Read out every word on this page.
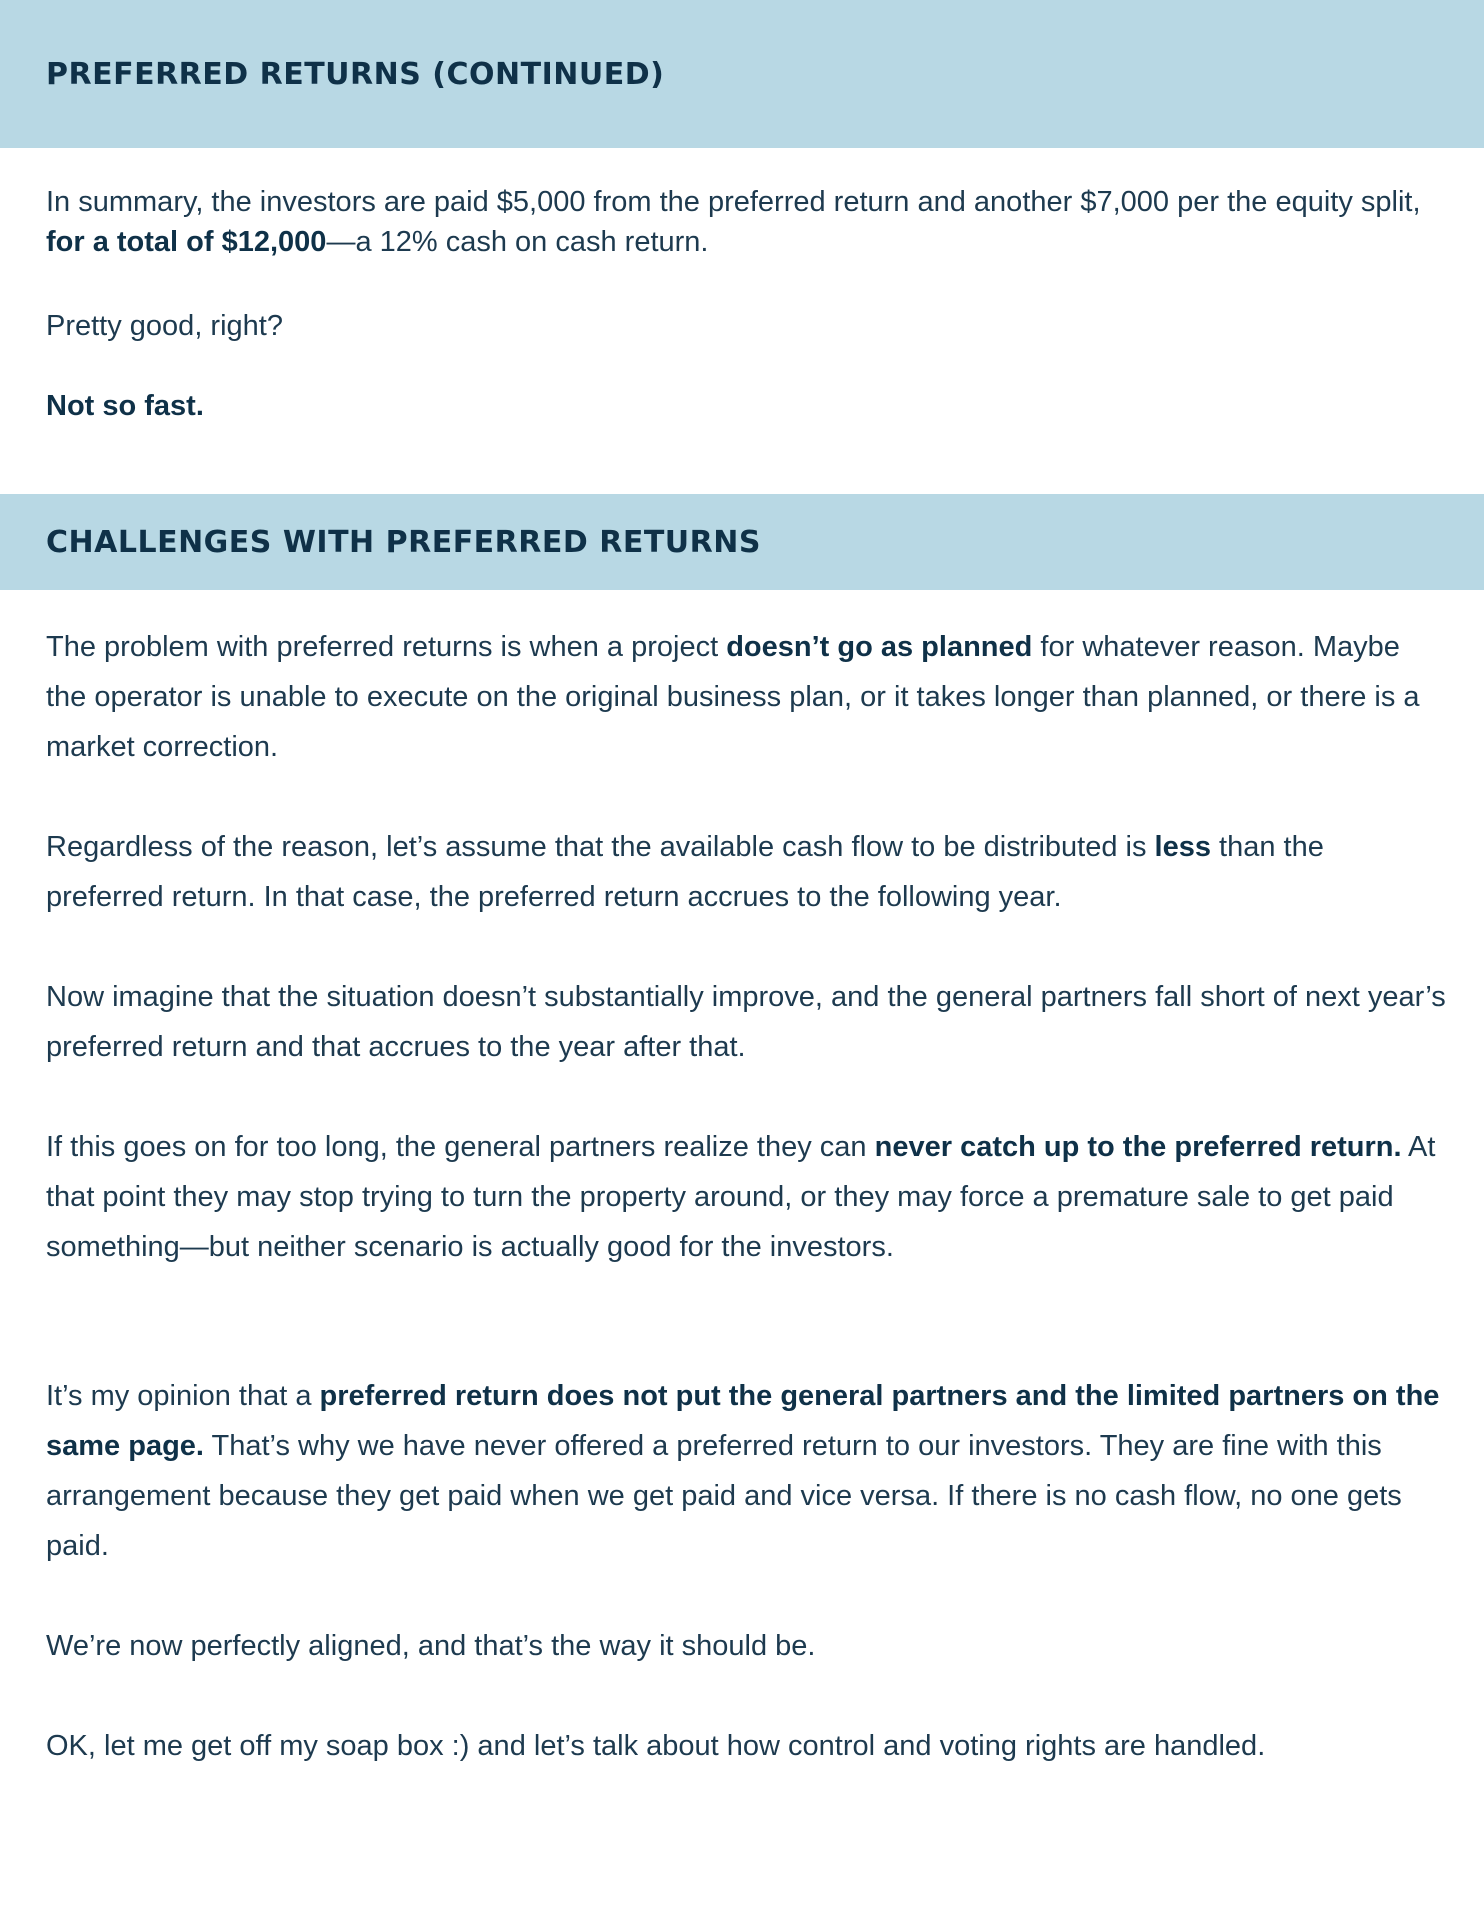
PREFERRED RETURNS (CONTINUED)

In summary, the investors are paid $5,000 from the preferred return and another $7,000 per the equity split, for a total of $12,000—a 12% cash on cash return.

Pretty good, right?

Not so fast.

CHALLENGES WITH PREFERRED RETURNS

The problem with preferred returns is when a project doesn’t go as planned for whatever reason. Maybe the operator is unable to execute on the original business plan, or it takes longer than planned, or there is a market correction.

Regardless of the reason, let’s assume that the available cash flow to be distributed is less than the preferred return. In that case, the preferred return accrues to the following year.

Now imagine that the situation doesn’t substantially improve, and the general partners fall short of next year’s preferred return and that accrues to the year after that.

If this goes on for too long, the general partners realize they can never catch up to the preferred return. At that point they may stop trying to turn the property around, or they may force a premature sale to get paid something—but neither scenario is actually good for the investors.

It’s my opinion that a preferred return does not put the general partners and the limited partners on the same page. That’s why we have never offered a preferred return to our investors. They are fine with this arrangement because they get paid when we get paid and vice versa. If there is no cash flow, no one gets paid.

We’re now perfectly aligned, and that’s the way it should be.

OK, let me get off my soap box :) and let’s talk about how control and voting rights are handled.
